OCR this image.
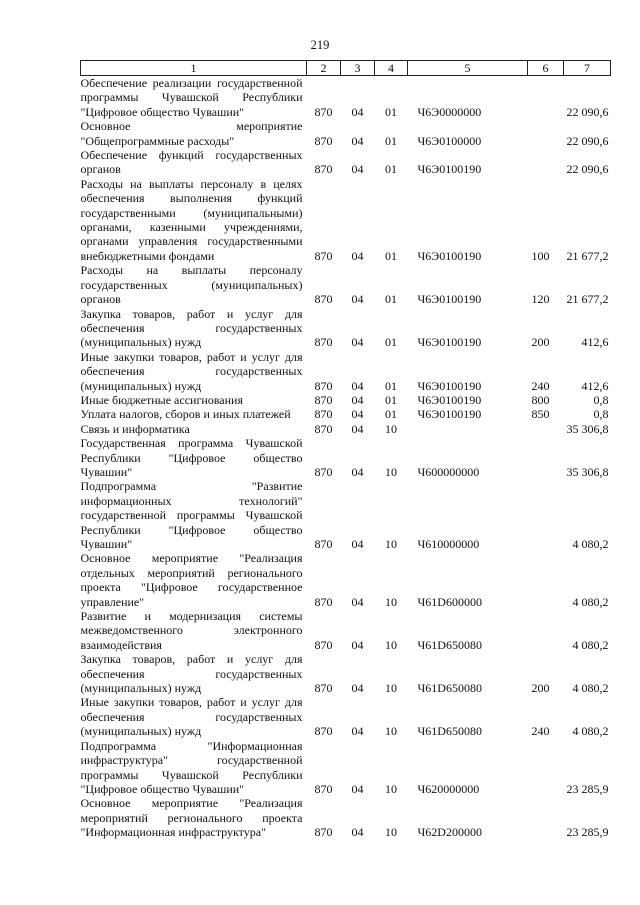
219
1	2	3	4	5	6	7
Обеспечение реализации государственной программы Чувашской Республики "Цифровое общество Чувашии"	870	04	01	Ч6Э0000000		22 090,6
Основное мероприятие "Общепрограммные расходы"	870	04	01	Ч6Э0100000		22 090,6
Обеспечение функций государственных органов	870	04	01	Ч6Э0100190		22 090,6
Расходы на выплаты персоналу в целях обеспечения выполнения функций государственными (муниципальными) органами, казенными учреждениями, органами управления государственными внебюджетными фондами	870	04	01	Ч6Э0100190	100	21 677,2
Расходы на выплаты персоналу государственных (муниципальных) органов	870	04	01	Ч6Э0100190	120	21 677,2
Закупка товаров, работ и услуг для обеспечения государственных (муниципальных) нужд	870	04	01	Ч6Э0100190	200	412,6
Иные закупки товаров, работ и услуг для обеспечения государственных (муниципальных) нужд	870	04	01	Ч6Э0100190	240	412,6
Иные бюджетные ассигнования	870	04	01	Ч6Э0100190	800	0,8
Уплата налогов, сборов и иных платежей	870	04	01	Ч6Э0100190	850	0,8
Связь и информатика	870	04	10			35 306,8
Государственная программа Чувашской Республики "Цифровое общество Чувашии"	870	04	10	Ч600000000		35 306,8
Подпрограмма "Развитие информационных технологий" государственной программы Чувашской Республики "Цифровое общество Чувашии"	870	04	10	Ч610000000		4 080,2
Основное мероприятие "Реализация отдельных мероприятий регионального проекта "Цифровое государственное управление"	870	04	10	Ч61D600000		4 080,2
Развитие и модернизация системы межведомственного электронного взаимодействия	870	04	10	Ч61D650080		4 080,2
Закупка товаров, работ и услуг для обеспечения государственных (муниципальных) нужд	870	04	10	Ч61D650080	200	4 080,2
Иные закупки товаров, работ и услуг для обеспечения государственных (муниципальных) нужд	870	04	10	Ч61D650080	240	4 080,2
Подпрограмма "Информационная инфраструктура" государственной программы Чувашской Республики "Цифровое общество Чувашии"	870	04	10	Ч620000000		23 285,9
Основное мероприятие "Реализация мероприятий регионального проекта "Информационная инфраструктура"	870	04	10	Ч62D200000		23 285,9
